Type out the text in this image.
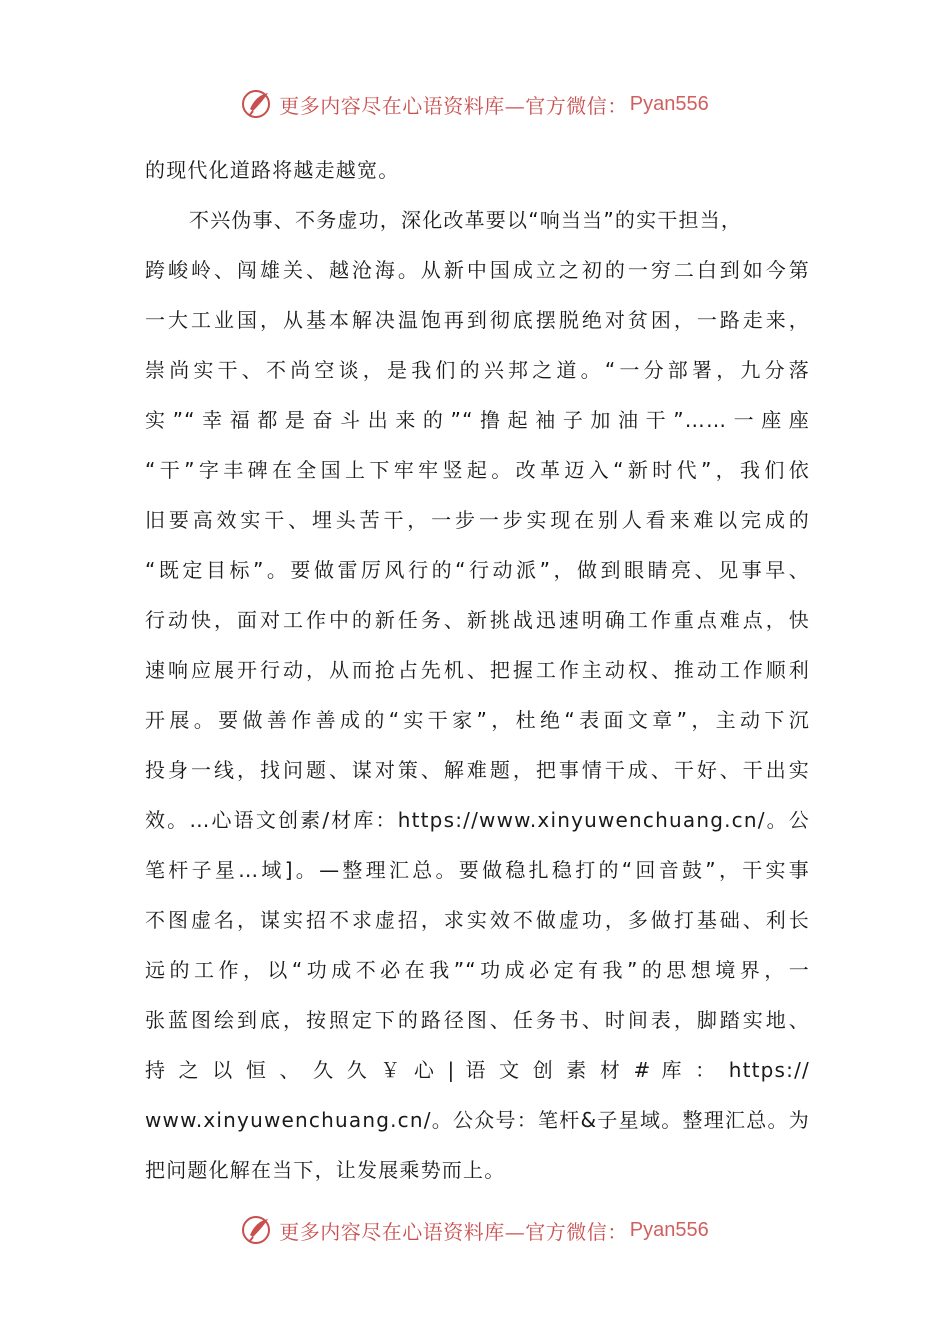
更多内容尽在心语资料库—官方微信： Pyan556
的现代化道路将越走越宽。
不兴伪事、不务虚功，深化改革要以“响当当”的实干担当，
跨峻岭、闯雄关、越沧海。从新中国成立之初的一穷二白到如今第
一大工业国，从基本解决温饱再到彻底摆脱绝对贫困，一路走来，
崇尚实干、不尚空谈，是我们的兴邦之道。“一分部署，九分落
实”“幸福都是奋斗出来的”“撸起袖子加油干”……一座座
“干”字丰碑在全国上下牢牢竖起。改革迈入“新时代”，我们依
旧要高效实干、埋头苦干，一步一步实现在别人看来难以完成的
“既定目标”。要做雷厉风行的“行动派”，做到眼睛亮、见事早、
行动快，面对工作中的新任务、新挑战迅速明确工作重点难点，快
速响应展开行动，从而抢占先机、把握工作主动权、推动工作顺利
开展。要做善作善成的“实干家”，杜绝“表面文章”，主动下沉
投身一线，找问题、谋对策、解难题，把事情干成、干好、干出实
效。…心语文创素/材库：https://www.xinyuwenchuang.cn/。公
笔杆子星…域]。—整理汇总。要做稳扎稳打的“回音鼓”，干实事
不图虚名，谋实招不求虚招，求实效不做虚功，多做打基础、利长
远的工作，以“功成不必在我”“功成必定有我”的思想境界，一
张蓝图绘到底，按照定下的路径图、任务书、时间表，脚踏实地、
持 之 以 恒 、 久 久 ￥ 心 | 语 文 创 素 材 # 库 ： https://
www.xinyuwenchuang.cn/。公众号：笔杆&子星域。整理汇总。为
把问题化解在当下，让发展乘势而上。
更多内容尽在心语资料库—官方微信： Pyan556
